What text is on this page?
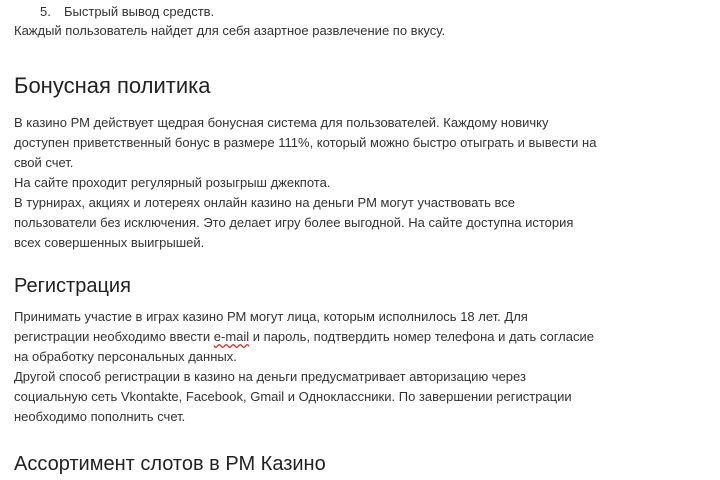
5. Быстрый вывод средств.
Каждый пользователь найдет для себя азартное развлечение по вкусу.
Бонусная политика
В казино РМ действует щедрая бонусная система для пользователей. Каждому новичку
доступен приветственный бонус в размере 111%, который можно быстро отыграть и вывести на
свой счет.
На сайте проходит регулярный розыгрыш джекпота.
В турнирах, акциях и лотереях онлайн казино на деньги РМ могут участвовать все
пользователи без исключения. Это делает игру более выгодной. На сайте доступна история
всех совершенных выигрышей.
Регистрация
Принимать участие в играх казино РМ могут лица, которым исполнилось 18 лет. Для
регистрации необходимо ввести e-mail и пароль, подтвердить номер телефона и дать согласие
на обработку персональных данных.
Другой способ регистрации в казино на деньги предусматривает авторизацию через
социальную сеть Vkontakte, Facebook, Gmail и Одноклассники. По завершении регистрации
необходимо пополнить счет.
Ассортимент слотов в РМ Казино
